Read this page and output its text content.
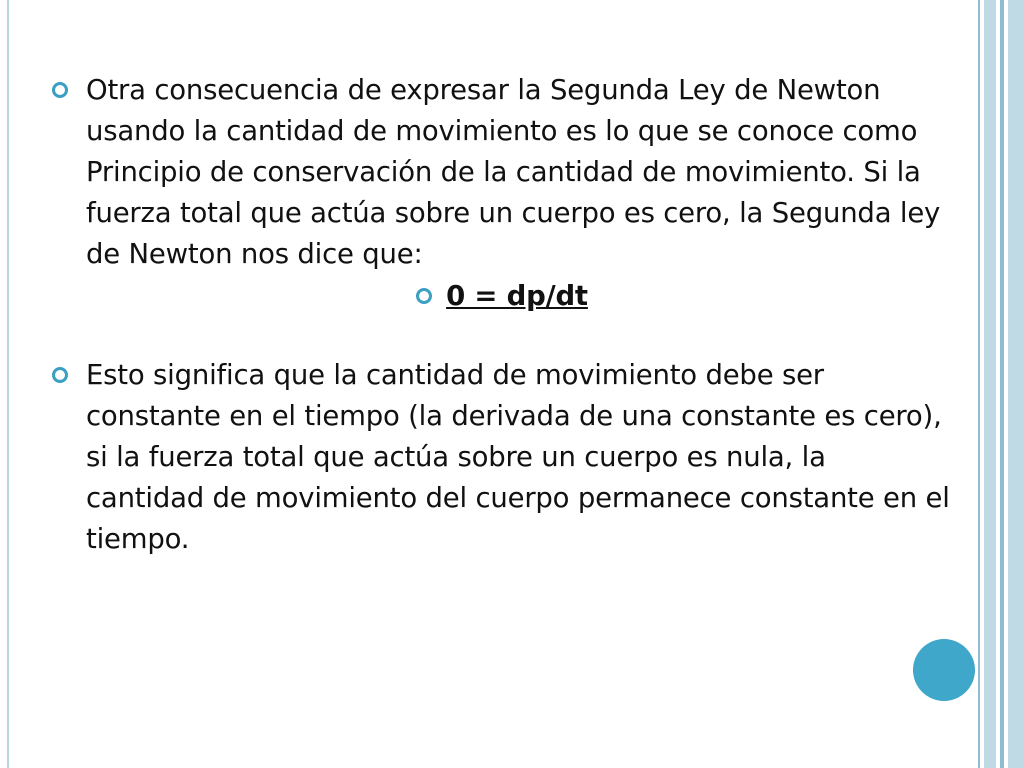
Otra consecuencia de expresar la Segunda Ley de Newton usando la cantidad de movimiento es lo que se conoce como Principio de conservación de la cantidad de movimiento. Si la fuerza total que actúa sobre un cuerpo es cero, la Segunda ley de Newton nos dice que:
0 = dp/dt
Esto significa que la cantidad de movimiento debe ser constante en el tiempo (la derivada de una constante es cero), si la fuerza total que actúa sobre un cuerpo es nula, la cantidad de movimiento del cuerpo permanece constante en el tiempo.
